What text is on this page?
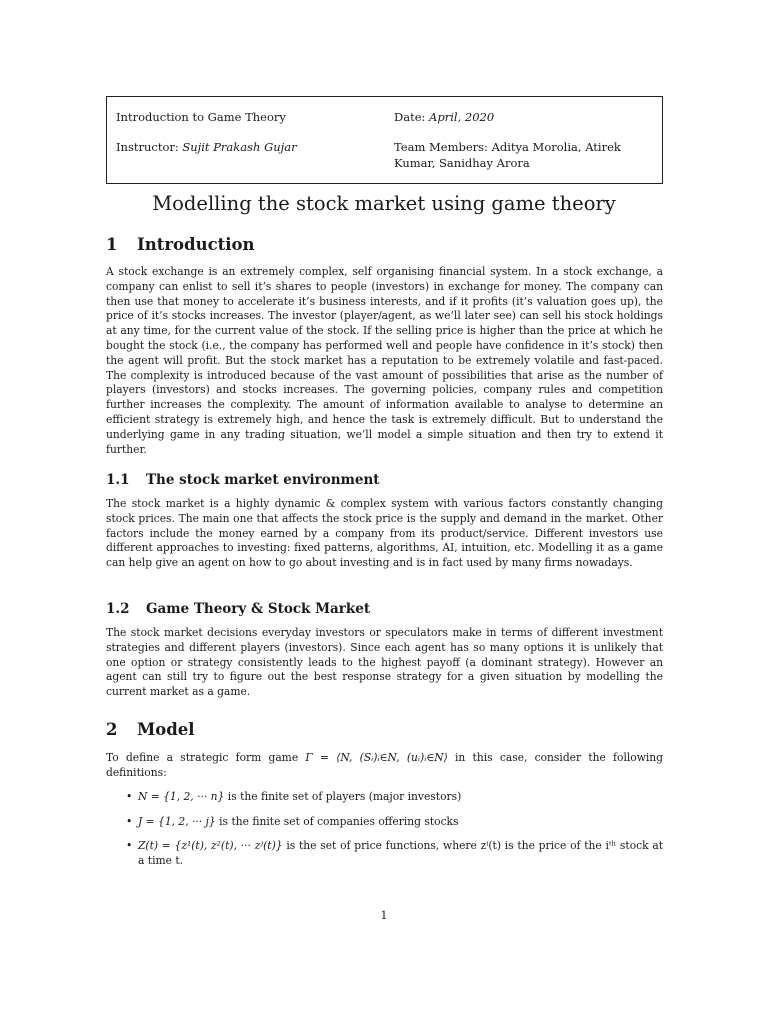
Introduction to Game Theory	Date: April, 2020
Instructor: Sujit Prakash Gujar	Team Members: Aditya Morolia, Atirek Kumar, Sanidhay Arora
Modelling the stock market using game theory
1 Introduction

A stock exchange is an extremely complex, self organising financial system. In a stock exchange, a company can enlist to sell it’s shares to people (investors) in exchange for money. The company can then use that money to accelerate it’s business interests, and if it profits (it’s valuation goes up), the price of it’s stocks increases. The investor (player/agent, as we’ll later see) can sell his stock holdings at any time, for the current value of the stock. If the selling price is higher than the price at which he bought the stock (i.e., the company has performed well and people have confidence in it’s stock) then the agent will profit. But the stock market has a reputation to be extremely volatile and fast-paced. The complexity is introduced because of the vast amount of possibilities that arise as the number of players (investors) and stocks increases. The governing policies, company rules and competition further increases the complexity. The amount of information available to analyse to determine an efficient strategy is extremely high, and hence the task is extremely difficult. But to understand the underlying game in any trading situation, we’ll model a simple situation and then try to extend it further.

1.1 The stock market environment

The stock market is a highly dynamic & complex system with various factors constantly changing stock prices. The main one that affects the stock price is the supply and demand in the market. Other factors include the money earned by a company from its product/service. Different investors use different approaches to investing: fixed patterns, algorithms, AI, intuition, etc. Modelling it as a game can help give an agent on how to go about investing and is in fact used by many firms nowadays.

1.2 Game Theory & Stock Market

The stock market decisions everyday investors or speculators make in terms of different investment strategies and different players (investors). Since each agent has so many options it is unlikely that one option or strategy consistently leads to the highest payoff (a dominant strategy). However an agent can still try to figure out the best response strategy for a given situation by modelling the current market as a game.

2 Model

To define a strategic form game Γ = ⟨N, (Sᵢ)ᵢ∈N, (uᵢ)ᵢ∈N⟩ in this case, consider the following definitions:

• N = {1, 2, ··· n} is the finite set of players (major investors)
• J = {1, 2, ··· j} is the finite set of companies offering stocks
• Z(t) = {z¹(t), z²(t), ··· zʲ(t)} is the set of price functions, where zⁱ(t) is the price of the iᵗʰ stock at a time t.
1
